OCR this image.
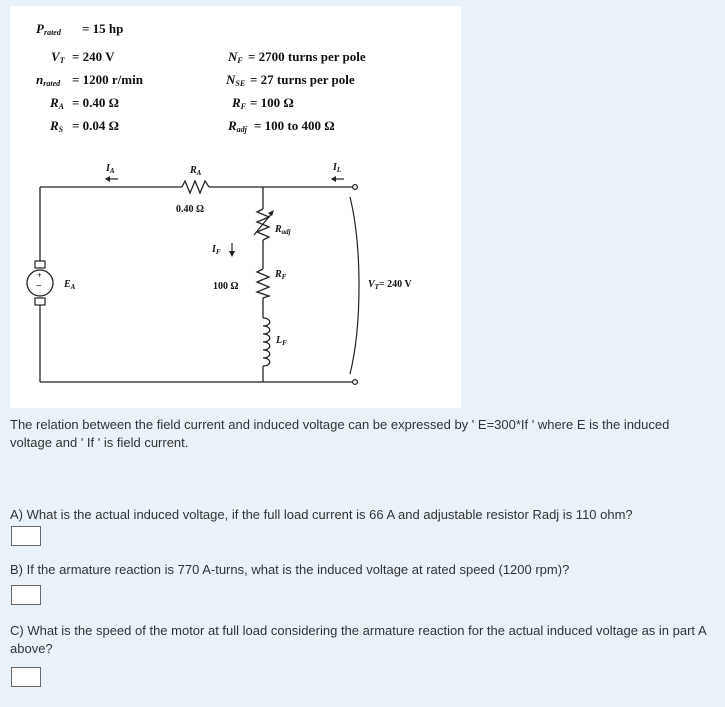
Prated = 15 hp
VT = 240 V
nrated = 1200 r/min
RA = 0.40 Ω
RS = 0.04 Ω
NF = 2700 turns per pole
NSE = 27 turns per pole
RF = 100 Ω
Radj = 100 to 400 Ω
$R_A$
0.40 Ω
$I_A$	$I_L$
$R_{adj}$
$I_F$
$R_F$
100 Ω
$L_F$
+
− $E_A$	$V_T= 240$ V
The relation between the field current and induced voltage can be expressed by ' E=300*If ' where E is the induced voltage and ' If ' is field current.
A) What is the actual induced voltage, if the full load current is 66 A and adjustable resistor Radj is 110 ohm?
B) If the armature reaction is 770 A-turns, what is the induced voltage at rated speed (1200 rpm)?
C) What is the speed of the motor at full load considering the armature reaction for the actual induced voltage as in part A above?
